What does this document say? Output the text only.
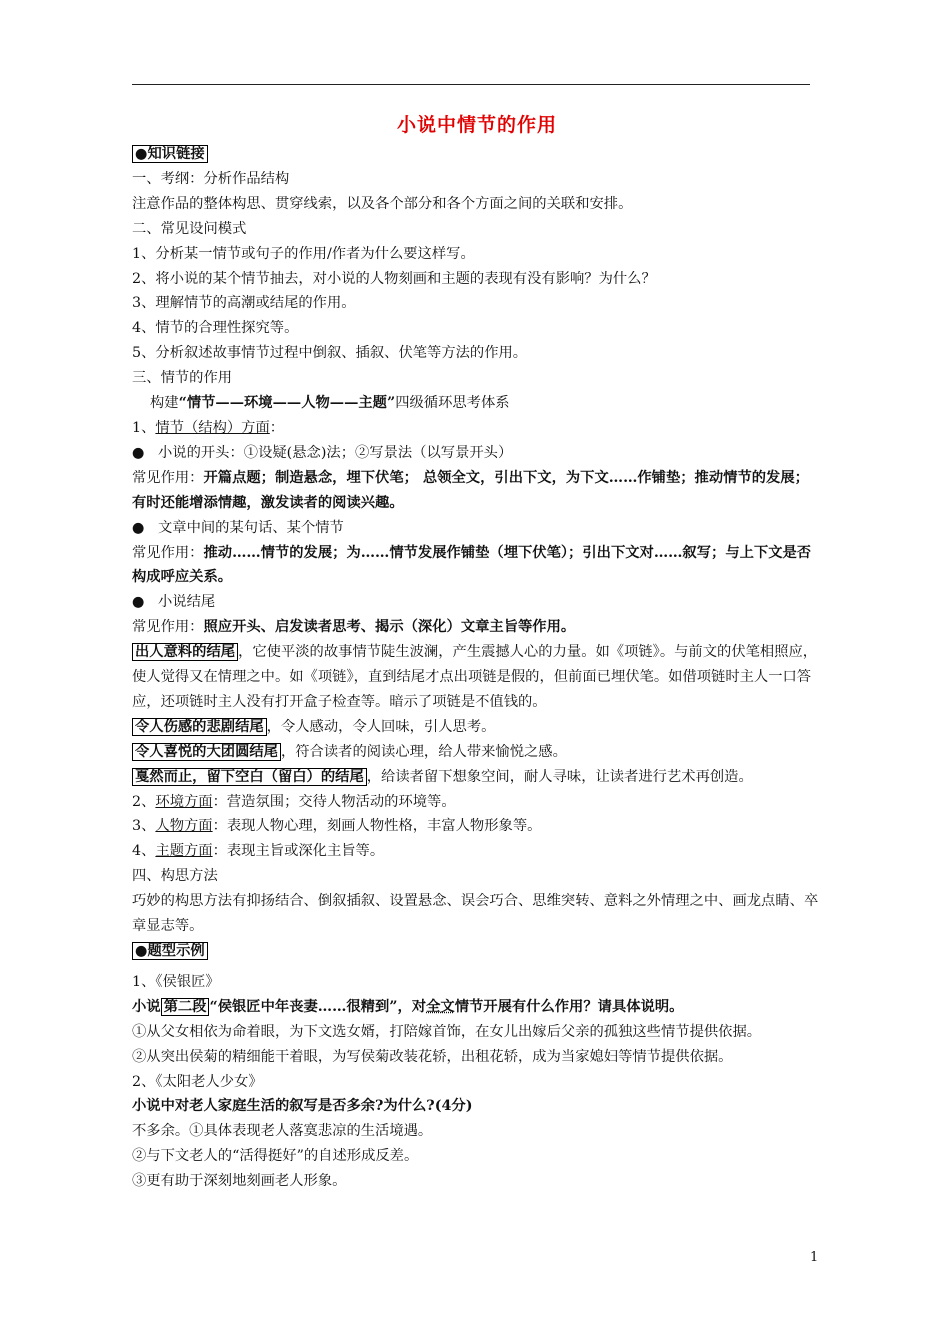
小说中情节的作用
●知识链接
一、考纲：分析作品结构
注意作品的整体构思、贯穿线索，以及各个部分和各个方面之间的关联和安排。
二、常见设问模式
1、分析某一情节或句子的作用/作者为什么要这样写。
2、将小说的某个情节抽去，对小说的人物刻画和主题的表现有没有影响？为什么？
3、理解情节的高潮或结尾的作用。
4、情节的合理性探究等。
5、分析叙述故事情节过程中倒叙、插叙、伏笔等方法的作用。
三、情节的作用
构建“情节——环境——人物——主题”四级循环思考体系
1、情节（结构）方面：
● 小说的开头：①设疑(悬念)法；②写景法（以写景开头）
常见作用：开篇点题；制造悬念，埋下伏笔； 总领全文，引出下文，为下文……作铺垫；推动情节的发展；有时还能增添情趣，激发读者的阅读兴趣。
● 文章中间的某句话、某个情节
常见作用：推动……情节的发展；为……情节发展作铺垫（埋下伏笔）；引出下文对……叙写；与上下文是否构成呼应关系。
● 小说结尾
常见作用：照应开头、启发读者思考、揭示（深化）文章主旨等作用。
出人意料的结尾 ，它使平淡的故事情节陡生波澜，产生震撼人心的力量。如《项链》。与前文的伏笔相照应，使人觉得又在情理之中。如《项链》，直到结尾才点出项链是假的，但前面已埋伏笔。如借项链时主人一口答应，还项链时主人没有打开盒子检查等。暗示了项链是不值钱的。
令人伤感的悲剧结尾 ，令人感动，令人回味，引人思考。
令人喜悦的大团圆结尾 ，符合读者的阅读心理，给人带来愉悦之感。
戛然而止，留下空白（留白）的结尾 ，给读者留下想象空间，耐人寻味，让读者进行艺术再创造。
2、环境方面：营造氛围；交待人物活动的环境等。
3、人物方面：表现人物心理，刻画人物性格，丰富人物形象等。
4、主题方面：表现主旨或深化主旨等。
四、构思方法
巧妙的构思方法有抑扬结合、倒叙插叙、设置悬念、误会巧合、思维突转、意料之外情理之中、画龙点睛、卒章显志等。
●题型示例
1、《侯银匠》
小说 第二段 “侯银匠中年丧妻……很精到”，对全文情节开展有什么作用？请具体说明。
①从父女相依为命着眼，为下文选女婿，打陪嫁首饰，在女儿出嫁后父亲的孤独这些情节提供依据。
②从突出侯菊的精细能干着眼，为写侯菊改装花轿，出租花轿，成为当家媳妇等情节提供依据。
2、《太阳老人少女》
小说中对老人家庭生活的叙写是否多余?为什么?(4分)
不多余。①具体表现老人落寞悲凉的生活境遇。
②与下文老人的“活得挺好”的自述形成反差。
③更有助于深刻地刻画老人形象。
1
